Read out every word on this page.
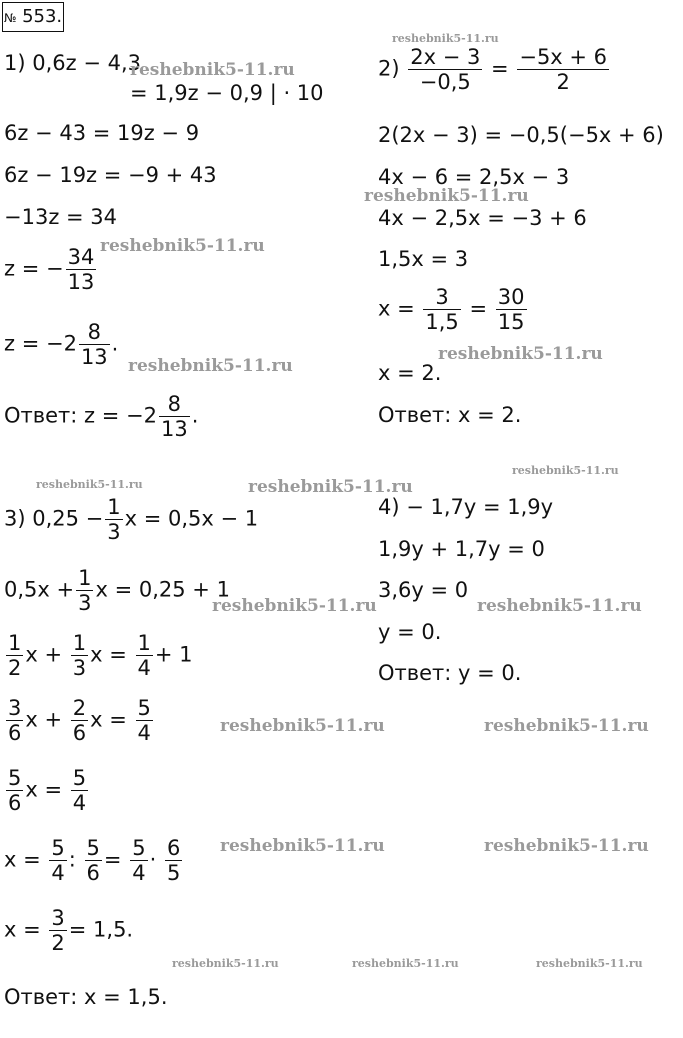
№ 553.
1) 0,6z − 4,3
= 1,9z − 0,9 | · 10
6z − 43 = 19z − 9
6z − 19z = −9 + 43
−13z = 34
z = − $\frac{34}{13}$
$z = -2 \frac{8}{13}$ .
Ответ: $z = -2 \frac{8}{13}$ .
$2) \frac{2x - 3}{-0,5} = \frac{-5x + 6}{2}$
2(2x − 3) = −0,5(−5x + 6)
4x − 6 = 2,5x − 3
4x − 2,5x = −3 + 6
1,5x = 3
$x = \frac{3}{1,5} = \frac{30}{15}$
x = 2.
Ответ: x = 2.
3) $0,25 - \frac{1}{3}$ x = 0,5x − 1
$0,5x + \frac{1}{3}$ x = 0,25 + 1
$\frac{1}{2}$ $x + \frac{1}{3}$ $x = \frac{1}{4} + 1$
$\frac{3}{6}$ $x + \frac{2}{6}$ $x = \frac{5}{4}$
$\frac{5}{6}$ $x = \frac{5}{4}$
$x = \frac{5}{4}$ : $\frac{5}{6} = \frac{5}{4} \cdot \frac{6}{5}$
$x = \frac{3}{2} = 1,5$.
Ответ: x = 1,5.
4) − 1,7y = 1,9y
1,9y + 1,7y = 0
3,6y = 0
y = 0.
Ответ: y = 0.
reshebnik5-11.ru
reshebnik5-11.ru
reshebnik5-11.ru
reshebnik5-11.ru
reshebnik5-11.ru
reshebnik5-11.ru
reshebnik5-11.ru
reshebnik5-11.ru	reshebnik5-11.ru
reshebnik5-11.ru	reshebnik5-11.ru
reshebnik5-11.ru	reshebnik5-11.ru
reshebnik5-11.ru	reshebnik5-11.ru
reshebnik5-11.ru	reshebnik5-11.ru	reshebnik5-11.ru
